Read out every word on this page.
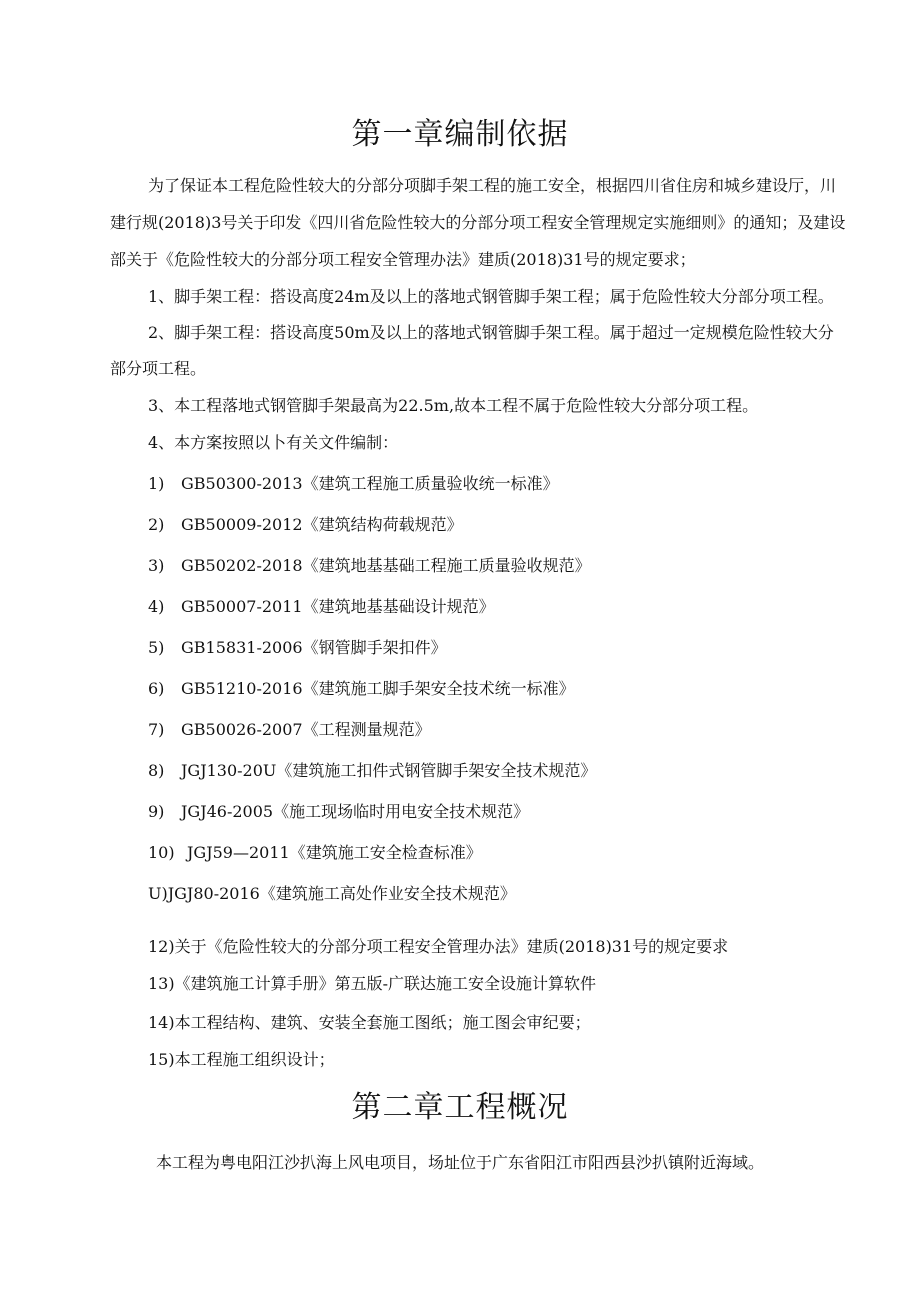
第一章编制依据
为了保证本工程危险性较大的分部分项脚手架工程的施工安全，根据四川省住房和城乡建设厅，川
建行规(2018)3号关于印发《四川省危险性较大的分部分项工程安全管理规定实施细则》的通知；及建设
部关于《危险性较大的分部分项工程安全管理办法》建质(2018)31号的规定要求；
1、脚手架工程：搭设高度24m及以上的落地式钢管脚手架工程；属于危险性较大分部分项工程。
2、脚手架工程：搭设高度50m及以上的落地式钢管脚手架工程。属于超过一定规模危险性较大分
部分项工程。
3、本工程落地式钢管脚手架最高为22.5m,故本工程不属于危险性较大分部分项工程。
4、本方案按照以卜有关文件编制：
1) GB50300-2013《建筑工程施工质量验收统一标准》
2) GB50009-2012《建筑结构荷载规范》
3) GB50202-2018《建筑地基基础工程施工质量验收规范》
4) GB50007-2011《建筑地基基础设计规范》
5) GB15831-2006《钢管脚手架扣件》
6) GB51210-2016《建筑施工脚手架安全技术统一标准》
7) GB50026-2007《工程测量规范》
8) JGJ130-20U《建筑施工扣件式钢管脚手架安全技术规范》
9) JGJ46-2005《施工现场临时用电安全技术规范》
10) JGJ59—2011《建筑施工安全检查标准》
U)JGJ80-2016《建筑施工高处作业安全技术规范》
12)关于《危险性较大的分部分项工程安全管理办法》建质(2018)31号的规定要求
13)《建筑施工计算手册》第五版-广联达施工安全设施计算软件
14)本工程结构、建筑、安装全套施工图纸；施工图会审纪要；
15)本工程施工组织设计；
第二章工程概况
本工程为粤电阳江沙扒海上风电项目，场址位于广东省阳江市阳西县沙扒镇附近海域。
